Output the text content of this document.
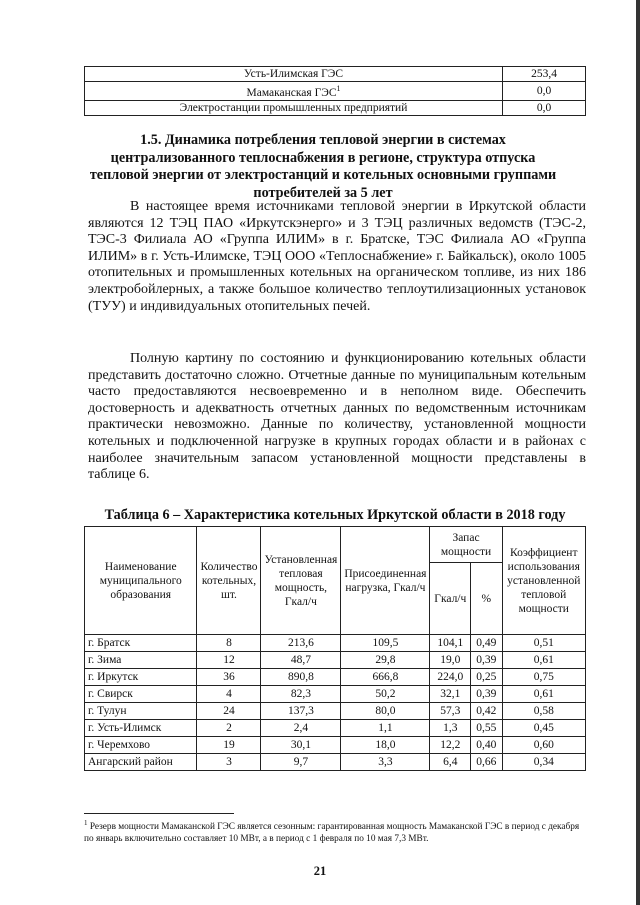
Усть-Илимская ГЭС	253,4
Мамаканская ГЭС$^1$	0,0
Электростанции промышленных предприятий	0,0
1.5. Динамика потребления тепловой энергии в системах централизованного теплоснабжения в регионе, структура отпуска тепловой энергии от электростанций и котельных основными группами потребителей за 5 лет
В настоящее время источниками тепловой энергии в Иркутской области являются 12 ТЭЦ ПАО «Иркутскэнерго» и 3 ТЭЦ различных ведомств (ТЭС-2, ТЭС-3 Филиала АО «Группа ИЛИМ» в г. Братске, ТЭС Филиала АО «Группа ИЛИМ» в г. Усть-Илимске, ТЭЦ ООО «Теплоснабжение» г. Байкальск), около 1005 отопительных и промышленных котельных на органическом топливе, из них 186 электробойлерных, а также большое количество теплоутилизационных установок (ТУУ) и индивидуальных отопительных печей.
Полную картину по состоянию и функционированию котельных области представить достаточно сложно. Отчетные данные по муниципальным котельным часто предоставляются несвоевременно и в неполном виде. Обеспечить достоверность и адекватность отчетных данных по ведомственным источникам практически невозможно. Данные по количеству, установленной мощности котельных и подключенной нагрузке в крупных городах области и в районах с наиболее значительным запасом установленной мощности представлены в таблице 6.
Таблица 6 – Характеристика котельных Иркутской области в 2018 году
Наименование муниципального образования	Количество котельных, шт.	Установленная тепловая мощность, Гкал/ч	Присоединенная нагрузка, Гкал/ч	Запас мощности		Коэффициент использования установленной тепловой мощности
				Гкал/ч	%	
г. Братск	8	213,6	109,5	104,1	0,49	0,51
г. Зима	12	48,7	29,8	19,0	0,39	0,61
г. Иркутск	36	890,8	666,8	224,0	0,25	0,75
г. Свирск	4	82,3	50,2	32,1	0,39	0,61
г. Тулун	24	137,3	80,0	57,3	0,42	0,58
г. Усть-Илимск	2	2,4	1,1	1,3	0,55	0,45
г. Черемхово	19	30,1	18,0	12,2	0,40	0,60
Ангарский район	3	9,7	3,3	6,4	0,66	0,34
$^1$ Резерв мощности Мамаканской ГЭС является сезонным: гарантированная мощность Мамаканской ГЭС в период с декабря по январь включительно составляет 10 МВт, а в период с 1 февраля по 10 мая 7,3 МВт.
21
